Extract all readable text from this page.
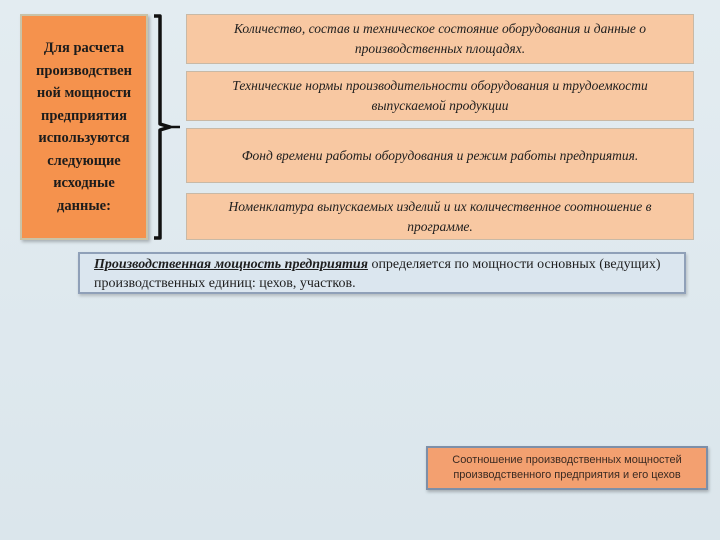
Для расчета
производствен
ной мощности
предприятия
используются
следующие
исходные
данные:
Количество, состав и техническое состояние оборудования и данные о производственных площадях.
Технические нормы производительности оборудования и трудоемкости выпускаемой продукции
Фонд времени работы оборудования и режим работы предприятия.
Номенклатура выпускаемых изделий и их количественное соотношение в программе.
Производственная мощность предприятия определяется по мощности основных (ведущих) производственных единиц: цехов, участков.
Соотношение производственных мощностей производственного предприятия и его цехов
